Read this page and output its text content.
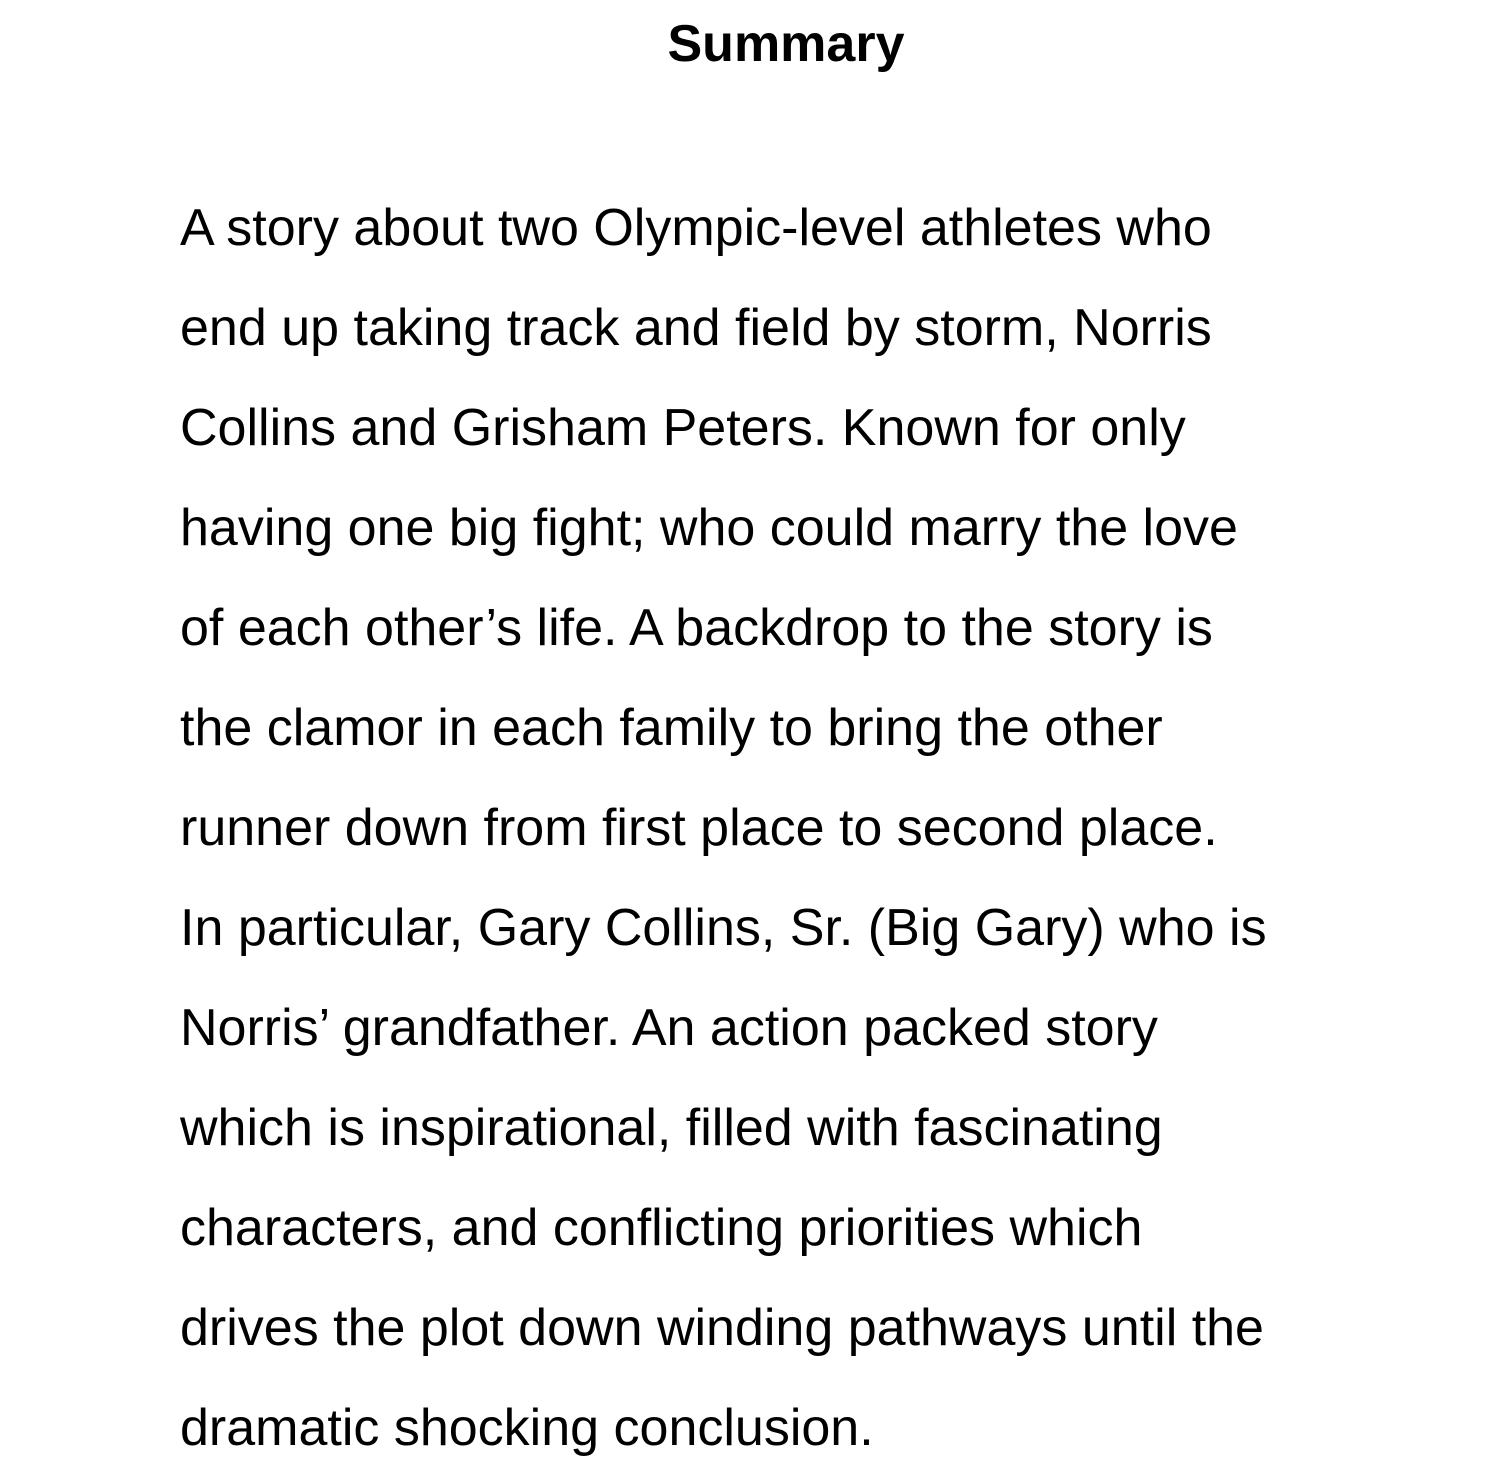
Summary
A story about two Olympic-level athletes who
end up taking track and field by storm, Norris
Collins and Grisham Peters. Known for only
having one big fight; who could marry the love
of each other’s life. A backdrop to the story is
the clamor in each family to bring the other
runner down from first place to second place.
In particular, Gary Collins, Sr. (Big Gary) who is
Norris’ grandfather. An action packed story
which is inspirational, filled with fascinating
characters, and conflicting priorities which
drives the plot down winding pathways until the
dramatic shocking conclusion.
